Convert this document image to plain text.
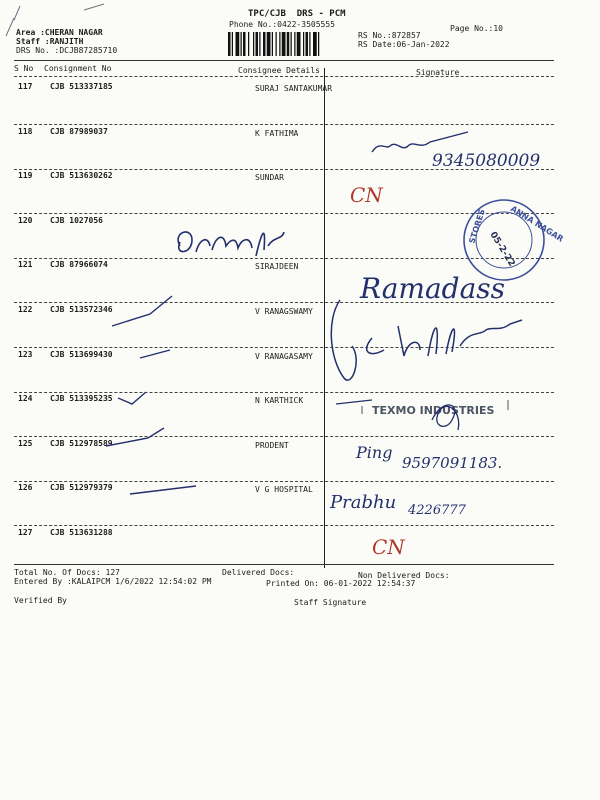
TPC/CJB  DRS - PCM
Phone No.:0422-3505555
Area :CHERAN NAGAR
Staff :RANJITH
DRS No. :DCJB87285710
RS No.:872857
RS Date:06-Jan-2022
Page No.:10
S No Consignment No	Consignee Details	Signature
117 CJB 513337185	SURAJ SANTAKUMAR
118 CJB 87989037	K FATHIMA
119 CJB 513630262	SUNDAR
120 CJB 1027056
121 CJB 87966074	SIRAJDEEN
122 CJB 513572346	V RANAGSWAMY
123 CJB 513699430	V RANAGASAMY
124 CJB 513395235	N KARTHICK
125 CJB 512978589	PRODENT
126 CJB 512979379	V G HOSPITAL
127 CJB 513631288
Total No. Of Docs: 127	Delivered Docs:	Non Delivered Docs:
Entered By :KALAIPCM 1/6/2022 12:54:02 PM	Printed On: 06-01-2022 12:54:37
Verified By	Staff Signature
9345080009
CN
ANNA NAGAR
STORES
05-2-22
Ramadass
TEXMO INDUSTRIES
Ping
9597091183.
Prabhu 4226777
CN
